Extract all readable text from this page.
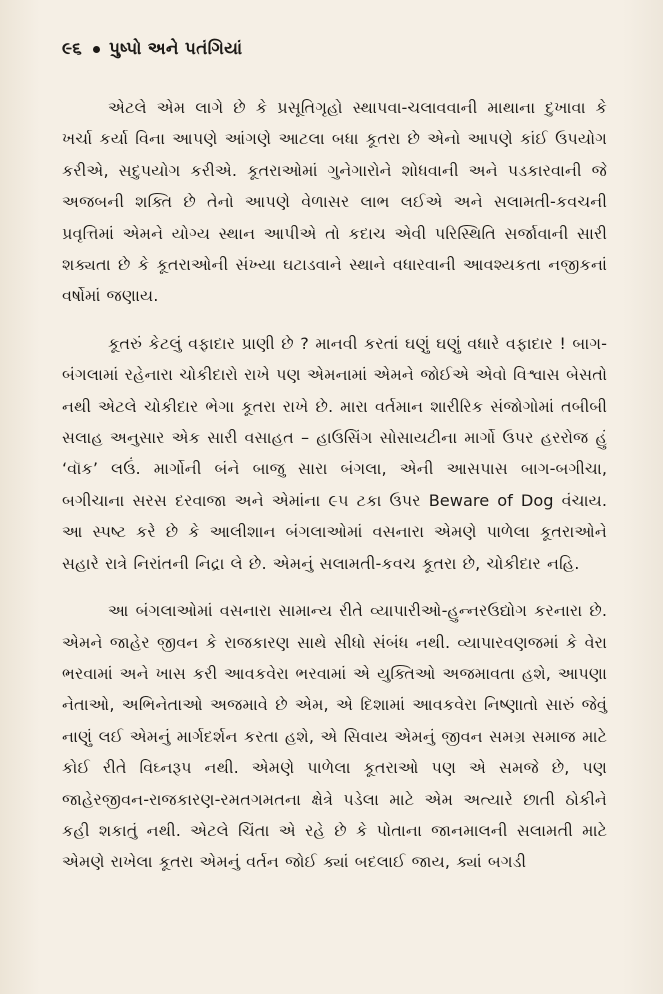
૯૬ પુષ્પો અને પતંગિયાં

એટલે એમ લાગે છે કે પ્રસૂતિગૃહો સ્થાપવા-ચલાવવાની માથાના દુખાવા કે ખર્ચા કર્યા વિના આપણે આંગણે આટલા બધા કૂતરા છે એનો આપણે કાંઈ ઉપયોગ કરીએ, સદુપયોગ કરીએ. કૂતરાઓમાં ગુનેગારોને શોધવાની અને પડકારવાની જે અજબની શક્તિ છે તેનો આપણે વેળાસર લાભ લઈએ અને સલામતી-કવચની પ્રવૃત્તિમાં એમને યોગ્ય સ્થાન આપીએ તો કદાચ એવી પરિસ્થિતિ સર્જાવાની સારી શક્યતા છે કે કૂતરાઓની સંખ્યા ઘટાડવાને સ્થાને વધારવાની આવશ્યકતા નજીકનાં વર્ષોમાં જણાય.

કૂતરું કેટલું વફાદાર પ્રાણી છે ? માનવી કરતાં ઘણું ઘણું વધારે વફાદાર ! બાગ-બંગલામાં રહેનારા ચોકીદારો રાખે પણ એમનામાં એમને જોઈએ એવો વિશ્વાસ બેસતો નથી એટલે ચોકીદાર ભેગા કૂતરા રાખે છે. મારા વર્તમાન શારીરિક સંજોગોમાં તબીબી સલાહ અનુસાર એક સારી વસાહત – હાઉસિંગ સોસાયટીના માર્ગો ઉપર હરરોજ હું ‘વૉક’ લઉં. માર્ગોની બંને બાજુ સારા બંગલા, એની આસપાસ બાગ-બગીચા, બગીચાના સરસ દરવાજા અને એમાંના ૯૫ ટકા ઉપર Beware of Dog વંચાય. આ સ્પષ્ટ કરે છે કે આલીશાન બંગલાઓમાં વસનારા એમણે પાળેલા કૂતરાઓને સહારે રાત્રે નિરાંતની નિદ્રા લે છે. એમનું સલામતી-કવચ કૂતરા છે, ચોકીદાર નહિ.

આ બંગલાઓમાં વસનારા સામાન્ય રીતે વ્યાપારીઓ-હુન્નરઉદ્યોગ કરનારા છે. એમને જાહેર જીવન કે રાજકારણ સાથે સીધો સંબંધ નથી. વ્યાપારવણજમાં કે વેરા ભરવામાં અને ખાસ કરી આવકવેરા ભરવામાં એ યુક્તિઓ અજમાવતા હશે, આપણા નેતાઓ, અભિનેતાઓ અજમાવે છે એમ, એ દિશામાં આવકવેરા નિષ્ણાતો સારું જેવું નાણું લઈ એમનું માર્ગદર્શન કરતા હશે, એ સિવાય એમનું જીવન સમગ્ર સમાજ માટે કોઈ રીતે વિઘ્નરૂપ નથી. એમણે પાળેલા કૂતરાઓ પણ એ સમજે છે, પણ જાહેરજીવન-રાજકારણ-રમતગમતના ક્ષેત્રે પડેલા માટે એમ અત્યારે છાતી ઠોકીને કહી શકાતું નથી. એટલે ચિંતા એ રહે છે કે પોતાના જાનમાલની સલામતી માટે એમણે રાખેલા કૂતરા એમનું વર્તન જોઈ ક્યાં બદલાઈ જાય, ક્યાં બગડી
